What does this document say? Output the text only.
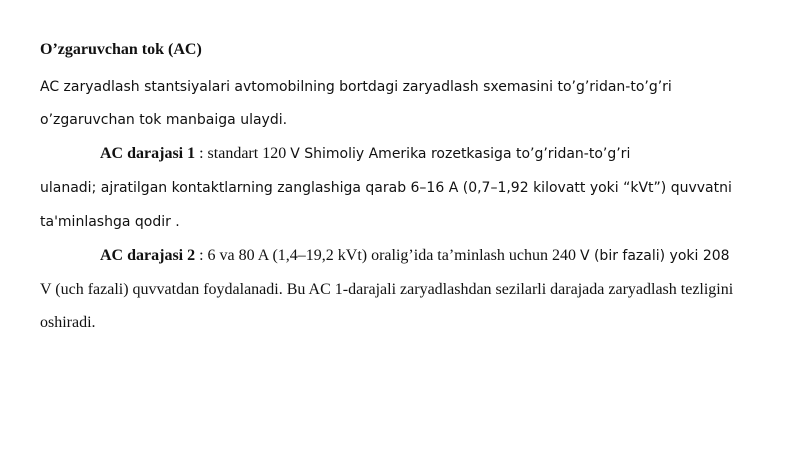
O’zgaruvchan tok (AC)

AC zaryadlash stantsiyalari avtomobilning bortdagi zaryadlash sxemasini to’g’ridan-to’g’ri o’zgaruvchan tok manbaiga ulaydi.

AC darajasi 1 : standart 120 V Shimoliy Amerika rozetkasiga to’g’ridan-to’g’ri
ulanadi; ajratilgan kontaktlarning zanglashiga qarab 6–16 A (0,7–1,92 kilovatt yoki “kVt”) quvvatni ta'minlashga qodir .

AC darajasi 2 : 6 va 80 A (1,4–19,2 kVt) oralig’ida ta’minlash uchun 240 V (bir fazali) yoki 208
V (uch fazali) quvvatdan foydalanadi. Bu AC 1-darajali zaryadlashdan sezilarli darajada zaryadlash tezligini oshiradi.
